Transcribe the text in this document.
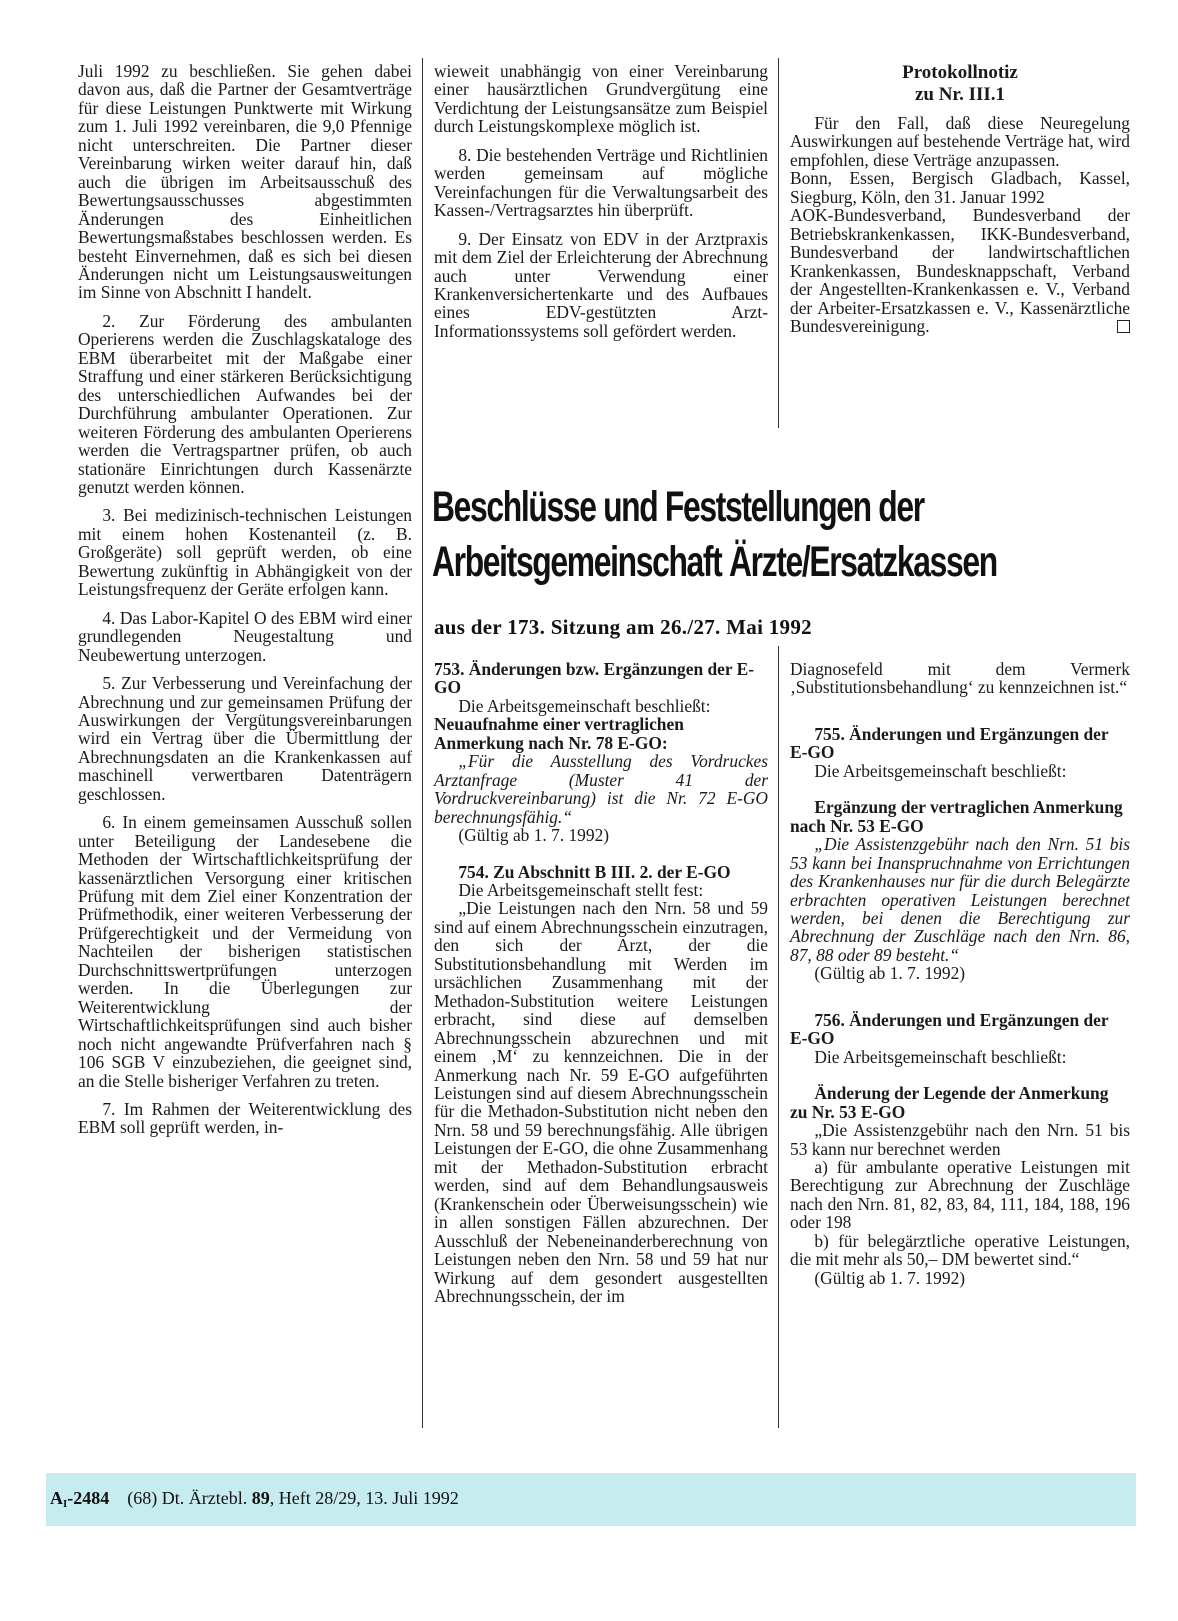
Juli 1992 zu beschließen. Sie gehen dabei davon aus, daß die Partner der Gesamtverträge für diese Leistungen Punktwerte mit Wirkung zum 1. Juli 1992 vereinbaren, die 9,0 Pfennige nicht unterschreiten. Die Partner dieser Vereinbarung wirken weiter darauf hin, daß auch die übrigen im Arbeitsausschuß des Bewertungsausschusses abgestimmten Änderungen des Einheitlichen Bewertungsmaßstabes beschlossen werden. Es besteht Einvernehmen, daß es sich bei diesen Änderungen nicht um Leistungsausweitungen im Sinne von Abschnitt I handelt.

2. Zur Förderung des ambulanten Operierens werden die Zuschlagskataloge des EBM überarbeitet mit der Maßgabe einer Straffung und einer stärkeren Berücksichtigung des unterschiedlichen Aufwandes bei der Durchführung ambulanter Operationen. Zur weiteren Förderung des ambulanten Operierens werden die Vertragspartner prüfen, ob auch stationäre Einrichtungen durch Kassenärzte genutzt werden können.

3. Bei medizinisch-technischen Leistungen mit einem hohen Kostenanteil (z. B. Großgeräte) soll geprüft werden, ob eine Bewertung zukünftig in Abhängigkeit von der Leistungsfrequenz der Geräte erfolgen kann.

4. Das Labor-Kapitel O des EBM wird einer grundlegenden Neugestaltung und Neubewertung unterzogen.

5. Zur Verbesserung und Vereinfachung der Abrechnung und zur gemeinsamen Prüfung der Auswirkungen der Vergütungsvereinbarungen wird ein Vertrag über die Übermittlung der Abrechnungsdaten an die Krankenkassen auf maschinell verwertbaren Datenträgern geschlossen.

6. In einem gemeinsamen Ausschuß sollen unter Beteiligung der Landesebene die Methoden der Wirtschaftlichkeitsprüfung der kassenärztlichen Versorgung einer kritischen Prüfung mit dem Ziel einer Konzentration der Prüfmethodik, einer weiteren Verbesserung der Prüfgerechtigkeit und der Vermeidung von Nachteilen der bisherigen statistischen Durchschnittswertprüfungen unterzogen werden. In die Überlegungen zur Weiterentwicklung der Wirtschaftlichkeitsprüfungen sind auch bisher noch nicht angewandte Prüfverfahren nach § 106 SGB V einzubeziehen, die geeignet sind, an die Stelle bisheriger Verfahren zu treten.

7. Im Rahmen der Weiterentwicklung des EBM soll geprüft werden, in-

wieweit unabhängig von einer Vereinbarung einer hausärztlichen Grundvergütung eine Verdichtung der Leistungsansätze zum Beispiel durch Leistungskomplexe möglich ist.

8. Die bestehenden Verträge und Richtlinien werden gemeinsam auf mögliche Vereinfachungen für die Verwaltungsarbeit des Kassen-/Vertragsarztes hin überprüft.

9. Der Einsatz von EDV in der Arztpraxis mit dem Ziel der Erleichterung der Abrechnung auch unter Verwendung einer Krankenversichertenkarte und des Aufbaues eines EDV-gestützten Arzt-Informationssystems soll gefördert werden.

Protokollnotiz
zu Nr. III.1

Für den Fall, daß diese Neuregelung Auswirkungen auf bestehende Verträge hat, wird empfohlen, diese Verträge anzupassen.

Bonn, Essen, Bergisch Gladbach, Kassel, Siegburg, Köln, den 31. Januar 1992

AOK-Bundesverband, Bundesverband der Betriebskrankenkassen, IKK-Bundesverband, Bundesverband der landwirtschaftlichen Krankenkassen, Bundesknappschaft, Verband der Angestellten-Krankenkassen e. V., Verband der Arbeiter-Ersatzkassen e. V., Kassenärztliche Bundesvereinigung.

Beschlüsse und Feststellungen der
Arbeitsgemeinschaft Ärzte/Ersatzkassen
aus der 173. Sitzung am 26./27. Mai 1992
753. Änderungen bzw. Ergänzungen der E-GO
Die Arbeitsgemeinschaft beschließt:
Neuaufnahme einer vertraglichen Anmerkung nach Nr. 78 E-GO:
„Für die Ausstellung des Vordruckes Arztanfrage (Muster 41 der Vordruckvereinbarung) ist die Nr. 72 E-GO berechnungsfähig.“
(Gültig ab 1. 7. 1992)
754. Zu Abschnitt B III. 2. der E-GO
Die Arbeitsgemeinschaft stellt fest:
„Die Leistungen nach den Nrn. 58 und 59 sind auf einem Abrechnungsschein einzutragen, den sich der Arzt, der die Substitutionsbehandlung mit Werden im ursächlichen Zusammenhang mit der Methadon-Substitution weitere Leistungen erbracht, sind diese auf demselben Abrechnungsschein abzurechnen und mit einem ‚M‘ zu kennzeichnen. Die in der Anmerkung nach Nr. 59 E-GO aufgeführten Leistungen sind auf diesem Abrechnungsschein für die Methadon-Substitution nicht neben den Nrn. 58 und 59 berechnungsfähig. Alle übrigen Leistungen der E-GO, die ohne Zusammenhang mit der Methadon-Substitution erbracht werden, sind auf dem Behandlungsausweis (Krankenschein oder Überweisungsschein) wie in allen sonstigen Fällen abzurechnen. Der Ausschluß der Nebeneinanderberechnung von Leistungen neben den Nrn. 58 und 59 hat nur Wirkung auf dem gesondert ausgestellten Abrechnungsschein, der im
Diagnosefeld mit dem Vermerk ‚Substitutionsbehandlung‘ zu kennzeichnen ist.“
755. Änderungen und Ergänzungen der E-GO
Die Arbeitsgemeinschaft beschließt:
Ergänzung der vertraglichen Anmerkung nach Nr. 53 E-GO
„Die Assistenzgebühr nach den Nrn. 51 bis 53 kann bei Inanspruchnahme von Errichtungen des Krankenhauses nur für die durch Belegärzte erbrachten operativen Leistungen berechnet werden, bei denen die Berechtigung zur Abrechnung der Zuschläge nach den Nrn. 86, 87, 88 oder 89 besteht.“
(Gültig ab 1. 7. 1992)
756. Änderungen und Ergänzungen der E-GO
Die Arbeitsgemeinschaft beschließt:
Änderung der Legende der Anmerkung zu Nr. 53 E-GO
„Die Assistenzgebühr nach den Nrn. 51 bis 53 kann nur berechnet werden
a) für ambulante operative Leistungen mit Berechtigung zur Abrechnung der Zuschläge nach den Nrn. 81, 82, 83, 84, 111, 184, 188, 196 oder 198
b) für belegärztliche operative Leistungen, die mit mehr als 50,– DM bewertet sind.“
(Gültig ab 1. 7. 1992)
AI-2484 (68) Dt. Ärztebl. 89, Heft 28/29, 13. Juli 1992
